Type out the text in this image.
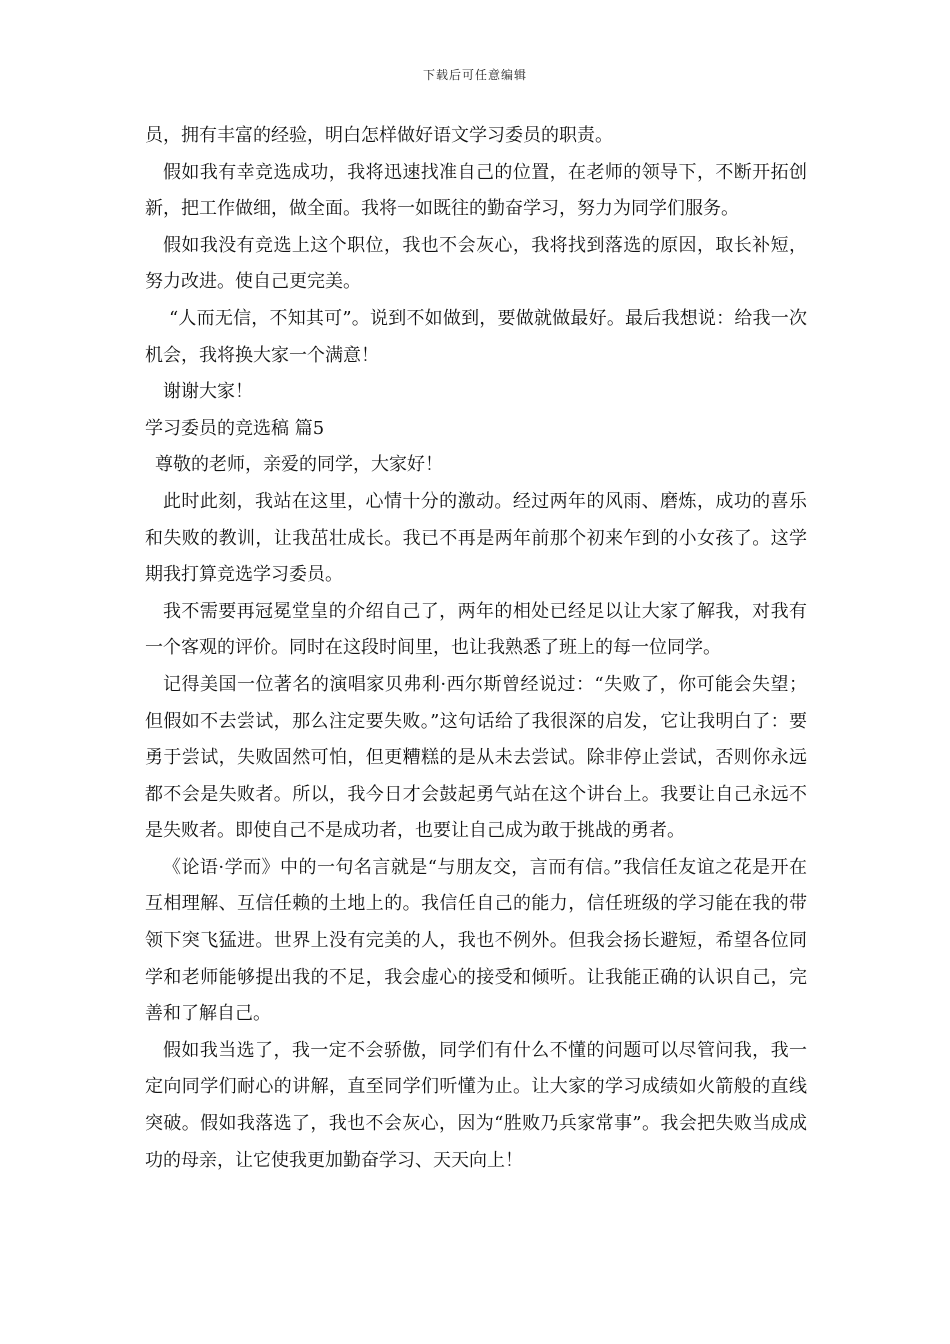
下载后可任意编辑

员，拥有丰富的经验，明白怎样做好语文学习委员的职责。

假如我有幸竞选成功，我将迅速找准自己的位置，在老师的领导下，不断开拓创新，把工作做细，做全面。我将一如既往的勤奋学习，努力为同学们服务。

假如我没有竞选上这个职位，我也不会灰心，我将找到落选的原因，取长补短，努力改进。使自己更完美。

“人而无信，不知其可”。说到不如做到，要做就做最好。最后我想说：给我一次机会，我将换大家一个满意！

谢谢大家！

学习委员的竞选稿 篇5

尊敬的老师，亲爱的同学，大家好！

此时此刻，我站在这里，心情十分的激动。经过两年的风雨、磨炼，成功的喜乐和失败的教训，让我茁壮成长。我已不再是两年前那个初来乍到的小女孩了。这学期我打算竞选学习委员。

我不需要再冠冕堂皇的介绍自己了，两年的相处已经足以让大家了解我，对我有一个客观的评价。同时在这段时间里，也让我熟悉了班上的每一位同学。

记得美国一位著名的演唱家贝弗利·西尔斯曾经说过：“失败了，你可能会失望；但假如不去尝试，那么注定要失败。”这句话给了我很深的启发，它让我明白了：要勇于尝试，失败固然可怕，但更糟糕的是从未去尝试。除非停止尝试，否则你永远都不会是失败者。所以，我今日才会鼓起勇气站在这个讲台上。我要让自己永远不是失败者。即使自己不是成功者，也要让自己成为敢于挑战的勇者。

《论语·学而》中的一句名言就是“与朋友交，言而有信。”我信任友谊之花是开在互相理解、互信任赖的土地上的。我信任自己的能力，信任班级的学习能在我的带领下突飞猛进。世界上没有完美的人，我也不例外。但我会扬长避短，希望各位同学和老师能够提出我的不足，我会虚心的接受和倾听。让我能正确的认识自己，完善和了解自己。

假如我当选了，我一定不会骄傲，同学们有什么不懂的问题可以尽管问我，我一定向同学们耐心的讲解，直至同学们听懂为止。让大家的学习成绩如火箭般的直线突破。假如我落选了，我也不会灰心，因为“胜败乃兵家常事”。我会把失败当成成功的母亲，让它使我更加勤奋学习、天天向上！
